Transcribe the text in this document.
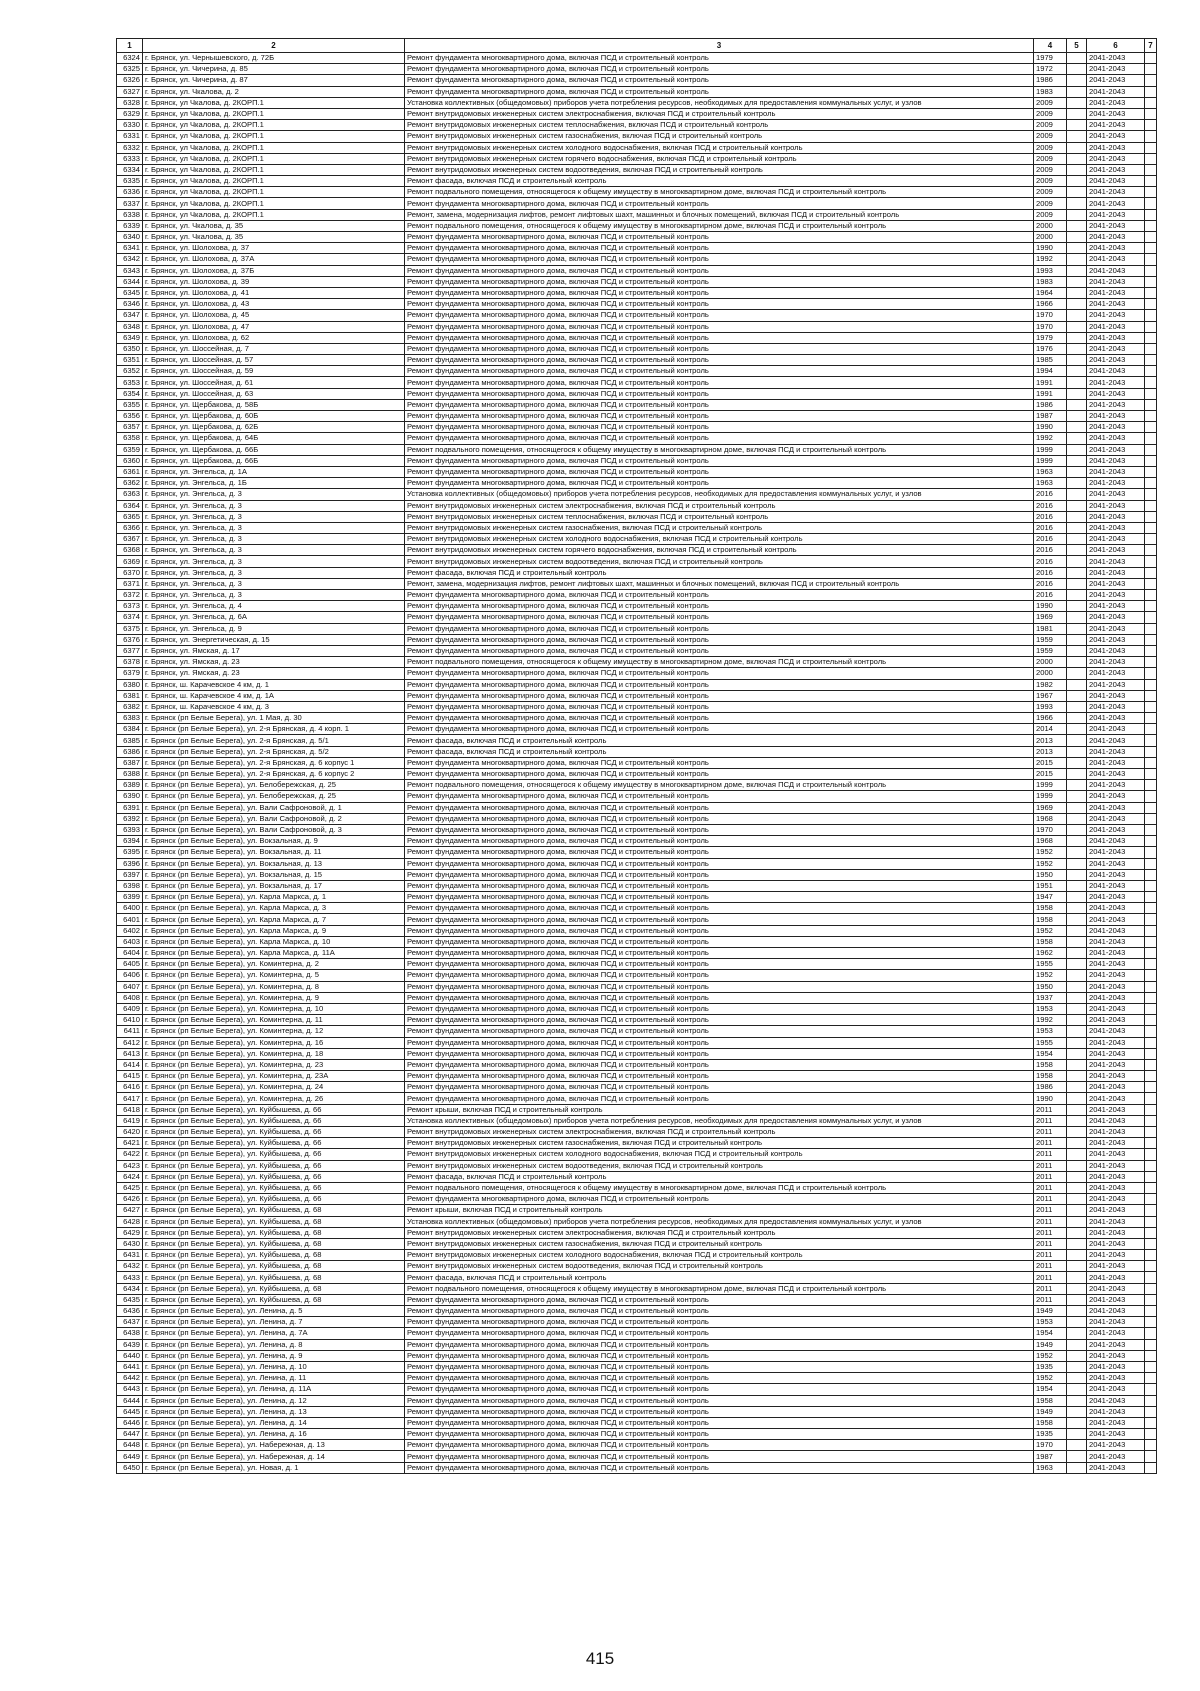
1	2	3	4	5	6	7
6324	г. Брянск, ул. Чернышевского, д. 72Б	Ремонт фундамента многоквартирного дома, включая ПСД и строительный контроль	1979		2041-2043	
6325	г. Брянск, ул. Чичерина, д. 85	Ремонт фундамента многоквартирного дома, включая ПСД и строительный контроль	1972		2041-2043	
6326	г. Брянск, ул. Чичерина, д. 87	Ремонт фундамента многоквартирного дома, включая ПСД и строительный контроль	1986		2041-2043	
6327	г. Брянск, ул. Чкалова, д. 2	Ремонт фундамента многоквартирного дома, включая ПСД и строительный контроль	1983		2041-2043	
6328	г. Брянск, ул Чкалова, д. 2КОРП.1	Установка коллективных (общедомовых) приборов учета потребления ресурсов, необходимых для предоставления коммунальных услуг, и узлов	2009		2041-2043	
6329	г. Брянск, ул Чкалова, д. 2КОРП.1	Ремонт внутридомовых инженерных систем электроснабжения, включая ПСД и строительный контроль	2009		2041-2043	
6330	г. Брянск, ул Чкалова, д. 2КОРП.1	Ремонт внутридомовых инженерных систем теплоснабжения, включая ПСД и строительный контроль	2009		2041-2043	
6331	г. Брянск, ул Чкалова, д. 2КОРП.1	Ремонт внутридомовых инженерных систем газоснабжения, включая ПСД и строительный контроль	2009		2041-2043	
6332	г. Брянск, ул Чкалова, д. 2КОРП.1	Ремонт внутридомовых инженерных систем холодного водоснабжения, включая ПСД и строительный контроль	2009		2041-2043	
6333	г. Брянск, ул Чкалова, д. 2КОРП.1	Ремонт внутридомовых инженерных систем горячего водоснабжения, включая ПСД и строительный контроль	2009		2041-2043	
6334	г. Брянск, ул Чкалова, д. 2КОРП.1	Ремонт внутридомовых инженерных систем водоотведения, включая ПСД и строительный контроль	2009		2041-2043	
6335	г. Брянск, ул Чкалова, д. 2КОРП.1	Ремонт фасада, включая ПСД и строительный контроль	2009		2041-2043	
6336	г. Брянск, ул Чкалова, д. 2КОРП.1	Ремонт подвального помещения, относящегося к общему имуществу в многоквартирном доме, включая ПСД и строительный контроль	2009		2041-2043	
6337	г. Брянск, ул Чкалова, д. 2КОРП.1	Ремонт фундамента многоквартирного дома, включая ПСД и строительный контроль	2009		2041-2043	
6338	г. Брянск, ул Чкалова, д. 2КОРП.1	Ремонт, замена, модернизация лифтов, ремонт лифтовых шахт, машинных и блочных помещений, включая ПСД и строительный контроль	2009		2041-2043	
6339	г. Брянск, ул. Чкалова, д. 35	Ремонт подвального помещения, относящегося к общему имуществу в многоквартирном доме, включая ПСД и строительный контроль	2000		2041-2043	
6340	г. Брянск, ул. Чкалова, д. 35	Ремонт фундамента многоквартирного дома, включая ПСД и строительный контроль	2000		2041-2043	
6341	г. Брянск, ул. Шолохова, д. 37	Ремонт фундамента многоквартирного дома, включая ПСД и строительный контроль	1990		2041-2043	
6342	г. Брянск, ул. Шолохова, д. 37А	Ремонт фундамента многоквартирного дома, включая ПСД и строительный контроль	1992		2041-2043	
6343	г. Брянск, ул. Шолохова, д. 37Б	Ремонт фундамента многоквартирного дома, включая ПСД и строительный контроль	1993		2041-2043	
6344	г. Брянск, ул. Шолохова, д. 39	Ремонт фундамента многоквартирного дома, включая ПСД и строительный контроль	1983		2041-2043	
6345	г. Брянск, ул. Шолохова, д. 41	Ремонт фундамента многоквартирного дома, включая ПСД и строительный контроль	1964		2041-2043	
6346	г. Брянск, ул. Шолохова, д. 43	Ремонт фундамента многоквартирного дома, включая ПСД и строительный контроль	1966		2041-2043	
6347	г. Брянск, ул. Шолохова, д. 45	Ремонт фундамента многоквартирного дома, включая ПСД и строительный контроль	1970		2041-2043	
6348	г. Брянск, ул. Шолохова, д. 47	Ремонт фундамента многоквартирного дома, включая ПСД и строительный контроль	1970		2041-2043	
6349	г. Брянск, ул. Шолохова, д. 62	Ремонт фундамента многоквартирного дома, включая ПСД и строительный контроль	1979		2041-2043	
6350	г. Брянск, ул. Шоссейная, д. 7	Ремонт фундамента многоквартирного дома, включая ПСД и строительный контроль	1976		2041-2043	
6351	г. Брянск, ул. Шоссейная, д. 57	Ремонт фундамента многоквартирного дома, включая ПСД и строительный контроль	1985		2041-2043	
6352	г. Брянск, ул. Шоссейная, д. 59	Ремонт фундамента многоквартирного дома, включая ПСД и строительный контроль	1994		2041-2043	
6353	г. Брянск, ул. Шоссейная, д. 61	Ремонт фундамента многоквартирного дома, включая ПСД и строительный контроль	1991		2041-2043	
6354	г. Брянск, ул. Шоссейная, д. 63	Ремонт фундамента многоквартирного дома, включая ПСД и строительный контроль	1991		2041-2043	
6355	г. Брянск, ул. Щербакова, д. 58Б	Ремонт фундамента многоквартирного дома, включая ПСД и строительный контроль	1986		2041-2043	
6356	г. Брянск, ул. Щербакова, д. 60Б	Ремонт фундамента многоквартирного дома, включая ПСД и строительный контроль	1987		2041-2043	
6357	г. Брянск, ул. Щербакова, д. 62Б	Ремонт фундамента многоквартирного дома, включая ПСД и строительный контроль	1990		2041-2043	
6358	г. Брянск, ул. Щербакова, д. 64Б	Ремонт фундамента многоквартирного дома, включая ПСД и строительный контроль	1992		2041-2043	
6359	г. Брянск, ул. Щербакова, д. 66Б	Ремонт подвального помещения, относящегося к общему имуществу в многоквартирном доме, включая ПСД и строительный контроль	1999		2041-2043	
6360	г. Брянск, ул. Щербакова, д. 66Б	Ремонт фундамента многоквартирного дома, включая ПСД и строительный контроль	1999		2041-2043	
6361	г. Брянск, ул. Энгельса, д. 1А	Ремонт фундамента многоквартирного дома, включая ПСД и строительный контроль	1963		2041-2043	
6362	г. Брянск, ул. Энгельса, д. 1Б	Ремонт фундамента многоквартирного дома, включая ПСД и строительный контроль	1963		2041-2043	
6363	г. Брянск, ул. Энгельса, д. 3	Установка коллективных (общедомовых) приборов учета потребления ресурсов, необходимых для предоставления коммунальных услуг, и узлов	2016		2041-2043	
6364	г. Брянск, ул. Энгельса, д. 3	Ремонт внутридомовых инженерных систем электроснабжения, включая ПСД и строительный контроль	2016		2041-2043	
6365	г. Брянск, ул. Энгельса, д. 3	Ремонт внутридомовых инженерных систем теплоснабжения, включая ПСД и строительный контроль	2016		2041-2043	
6366	г. Брянск, ул. Энгельса, д. 3	Ремонт внутридомовых инженерных систем газоснабжения, включая ПСД и строительный контроль	2016		2041-2043	
6367	г. Брянск, ул. Энгельса, д. 3	Ремонт внутридомовых инженерных систем холодного водоснабжения, включая ПСД и строительный контроль	2016		2041-2043	
6368	г. Брянск, ул. Энгельса, д. 3	Ремонт внутридомовых инженерных систем горячего водоснабжения, включая ПСД и строительный контроль	2016		2041-2043	
6369	г. Брянск, ул. Энгельса, д. 3	Ремонт внутридомовых инженерных систем водоотведения, включая ПСД и строительный контроль	2016		2041-2043	
6370	г. Брянск, ул. Энгельса, д. 3	Ремонт фасада, включая ПСД и строительный контроль	2016		2041-2043	
6371	г. Брянск, ул. Энгельса, д. 3	Ремонт, замена, модернизация лифтов, ремонт лифтовых шахт, машинных и блочных помещений, включая ПСД и строительный контроль	2016		2041-2043	
6372	г. Брянск, ул. Энгельса, д. 3	Ремонт фундамента многоквартирного дома, включая ПСД и строительный контроль	2016		2041-2043	
6373	г. Брянск, ул. Энгельса, д. 4	Ремонт фундамента многоквартирного дома, включая ПСД и строительный контроль	1990		2041-2043	
6374	г. Брянск, ул. Энгельса, д. 6А	Ремонт фундамента многоквартирного дома, включая ПСД и строительный контроль	1969		2041-2043	
6375	г. Брянск, ул. Энгельса, д. 9	Ремонт фундамента многоквартирного дома, включая ПСД и строительный контроль	1981		2041-2043	
6376	г. Брянск, ул. Энергетическая, д. 15	Ремонт фундамента многоквартирного дома, включая ПСД и строительный контроль	1959		2041-2043	
6377	г. Брянск, ул. Ямская, д. 17	Ремонт фундамента многоквартирного дома, включая ПСД и строительный контроль	1959		2041-2043	
6378	г. Брянск, ул. Ямская, д. 23	Ремонт подвального помещения, относящегося к общему имуществу в многоквартирном доме, включая ПСД и строительный контроль	2000		2041-2043	
6379	г. Брянск, ул. Ямская, д. 23	Ремонт фундамента многоквартирного дома, включая ПСД и строительный контроль	2000		2041-2043	
6380	г. Брянск, ш. Карачевское 4 км, д. 1	Ремонт фундамента многоквартирного дома, включая ПСД и строительный контроль	1982		2041-2043	
6381	г. Брянск, ш. Карачевское 4 км, д. 1А	Ремонт фундамента многоквартирного дома, включая ПСД и строительный контроль	1967		2041-2043	
6382	г. Брянск, ш. Карачевское 4 км, д. 3	Ремонт фундамента многоквартирного дома, включая ПСД и строительный контроль	1993		2041-2043	
6383	г. Брянск (рп Белые Берега), ул. 1 Мая, д. 30	Ремонт фундамента многоквартирного дома, включая ПСД и строительный контроль	1966		2041-2043	
6384	г. Брянск (рп Белые Берега), ул. 2-я Брянская, д. 4 корп. 1	Ремонт фундамента многоквартирного дома, включая ПСД и строительный контроль	2014		2041-2043	
6385	г. Брянск (рп Белые Берега), ул. 2-я Брянская, д. 5/1	Ремонт фасада, включая ПСД и строительный контроль	2013		2041-2043	
6386	г. Брянск (рп Белые Берега), ул. 2-я Брянская, д. 5/2	Ремонт фасада, включая ПСД и строительный контроль	2013		2041-2043	
6387	г. Брянск (рп Белые Берега), ул. 2-я Брянская, д. 6 корпус 1	Ремонт фундамента многоквартирного дома, включая ПСД и строительный контроль	2015		2041-2043	
6388	г. Брянск (рп Белые Берега), ул. 2-я Брянская, д. 6 корпус 2	Ремонт фундамента многоквартирного дома, включая ПСД и строительный контроль	2015		2041-2043	
6389	г. Брянск (рп Белые Берега), ул. Белобережская, д. 25	Ремонт подвального помещения, относящегося к общему имуществу в многоквартирном доме, включая ПСД и строительный контроль	1999		2041-2043	
6390	г. Брянск (рп Белые Берега), ул. Белобережская, д. 25	Ремонт фундамента многоквартирного дома, включая ПСД и строительный контроль	1999		2041-2043	
6391	г. Брянск (рп Белые Берега), ул. Вали Сафроновой, д. 1	Ремонт фундамента многоквартирного дома, включая ПСД и строительный контроль	1969		2041-2043	
6392	г. Брянск (рп Белые Берега), ул. Вали Сафроновой, д. 2	Ремонт фундамента многоквартирного дома, включая ПСД и строительный контроль	1968		2041-2043	
6393	г. Брянск (рп Белые Берега), ул. Вали Сафроновой, д. 3	Ремонт фундамента многоквартирного дома, включая ПСД и строительный контроль	1970		2041-2043	
6394	г. Брянск (рп Белые Берега), ул. Вокзальная, д. 9	Ремонт фундамента многоквартирного дома, включая ПСД и строительный контроль	1968		2041-2043	
6395	г. Брянск (рп Белые Берега), ул. Вокзальная, д. 11	Ремонт фундамента многоквартирного дома, включая ПСД и строительный контроль	1952		2041-2043	
6396	г. Брянск (рп Белые Берега), ул. Вокзальная, д. 13	Ремонт фундамента многоквартирного дома, включая ПСД и строительный контроль	1952		2041-2043	
6397	г. Брянск (рп Белые Берега), ул. Вокзальная, д. 15	Ремонт фундамента многоквартирного дома, включая ПСД и строительный контроль	1950		2041-2043	
6398	г. Брянск (рп Белые Берега), ул. Вокзальная, д. 17	Ремонт фундамента многоквартирного дома, включая ПСД и строительный контроль	1951		2041-2043	
6399	г. Брянск (рп Белые Берега), ул. Карла Маркса, д. 1	Ремонт фундамента многоквартирного дома, включая ПСД и строительный контроль	1947		2041-2043	
6400	г. Брянск (рп Белые Берега), ул. Карла Маркса, д. 3	Ремонт фундамента многоквартирного дома, включая ПСД и строительный контроль	1958		2041-2043	
6401	г. Брянск (рп Белые Берега), ул. Карла Маркса, д. 7	Ремонт фундамента многоквартирного дома, включая ПСД и строительный контроль	1958		2041-2043	
6402	г. Брянск (рп Белые Берега), ул. Карла Маркса, д. 9	Ремонт фундамента многоквартирного дома, включая ПСД и строительный контроль	1952		2041-2043	
6403	г. Брянск (рп Белые Берега), ул. Карла Маркса, д. 10	Ремонт фундамента многоквартирного дома, включая ПСД и строительный контроль	1958		2041-2043	
6404	г. Брянск (рп Белые Берега), ул. Карла Маркса, д. 11А	Ремонт фундамента многоквартирного дома, включая ПСД и строительный контроль	1962		2041-2043	
6405	г. Брянск (рп Белые Берега), ул. Коминтерна, д. 2	Ремонт фундамента многоквартирного дома, включая ПСД и строительный контроль	1955		2041-2043	
6406	г. Брянск (рп Белые Берега), ул. Коминтерна, д. 5	Ремонт фундамента многоквартирного дома, включая ПСД и строительный контроль	1952		2041-2043	
6407	г. Брянск (рп Белые Берега), ул. Коминтерна, д. 8	Ремонт фундамента многоквартирного дома, включая ПСД и строительный контроль	1950		2041-2043	
6408	г. Брянск (рп Белые Берега), ул. Коминтерна, д. 9	Ремонт фундамента многоквартирного дома, включая ПСД и строительный контроль	1937		2041-2043	
6409	г. Брянск (рп Белые Берега), ул. Коминтерна, д. 10	Ремонт фундамента многоквартирного дома, включая ПСД и строительный контроль	1953		2041-2043	
6410	г. Брянск (рп Белые Берега), ул. Коминтерна, д. 11	Ремонт фундамента многоквартирного дома, включая ПСД и строительный контроль	1992		2041-2043	
6411	г. Брянск (рп Белые Берега), ул. Коминтерна, д. 12	Ремонт фундамента многоквартирного дома, включая ПСД и строительный контроль	1953		2041-2043	
6412	г. Брянск (рп Белые Берега), ул. Коминтерна, д. 16	Ремонт фундамента многоквартирного дома, включая ПСД и строительный контроль	1955		2041-2043	
6413	г. Брянск (рп Белые Берега), ул. Коминтерна, д. 18	Ремонт фундамента многоквартирного дома, включая ПСД и строительный контроль	1954		2041-2043	
6414	г. Брянск (рп Белые Берега), ул. Коминтерна, д. 23	Ремонт фундамента многоквартирного дома, включая ПСД и строительный контроль	1958		2041-2043	
6415	г. Брянск (рп Белые Берега), ул. Коминтерна, д. 23А	Ремонт фундамента многоквартирного дома, включая ПСД и строительный контроль	1958		2041-2043	
6416	г. Брянск (рп Белые Берега), ул. Коминтерна, д. 24	Ремонт фундамента многоквартирного дома, включая ПСД и строительный контроль	1986		2041-2043	
6417	г. Брянск (рп Белые Берега), ул. Коминтерна, д. 26	Ремонт фундамента многоквартирного дома, включая ПСД и строительный контроль	1990		2041-2043	
6418	г. Брянск (рп Белые Берега), ул. Куйбышева, д. 66	Ремонт крыши, включая ПСД и строительный контроль	2011		2041-2043	
6419	г. Брянск (рп Белые Берега), ул. Куйбышева, д. 66	Установка коллективных (общедомовых) приборов учета потребления ресурсов, необходимых для предоставления коммунальных услуг, и узлов	2011		2041-2043	
6420	г. Брянск (рп Белые Берега), ул. Куйбышева, д. 66	Ремонт внутридомовых инженерных систем электроснабжения, включая ПСД и строительный контроль	2011		2041-2043	
6421	г. Брянск (рп Белые Берега), ул. Куйбышева, д. 66	Ремонт внутридомовых инженерных систем газоснабжения, включая ПСД и строительный контроль	2011		2041-2043	
6422	г. Брянск (рп Белые Берега), ул. Куйбышева, д. 66	Ремонт внутридомовых инженерных систем холодного водоснабжения, включая ПСД и строительный контроль	2011		2041-2043	
6423	г. Брянск (рп Белые Берега), ул. Куйбышева, д. 66	Ремонт внутридомовых инженерных систем водоотведения, включая ПСД и строительный контроль	2011		2041-2043	
6424	г. Брянск (рп Белые Берега), ул. Куйбышева, д. 66	Ремонт фасада, включая ПСД и строительный контроль	2011		2041-2043	
6425	г. Брянск (рп Белые Берега), ул. Куйбышева, д. 66	Ремонт подвального помещения, относящегося к общему имуществу в многоквартирном доме, включая ПСД и строительный контроль	2011		2041-2043	
6426	г. Брянск (рп Белые Берега), ул. Куйбышева, д. 66	Ремонт фундамента многоквартирного дома, включая ПСД и строительный контроль	2011		2041-2043	
6427	г. Брянск (рп Белые Берега), ул. Куйбышева, д. 68	Ремонт крыши, включая ПСД и строительный контроль	2011		2041-2043	
6428	г. Брянск (рп Белые Берега), ул. Куйбышева, д. 68	Установка коллективных (общедомовых) приборов учета потребления ресурсов, необходимых для предоставления коммунальных услуг, и узлов	2011		2041-2043	
6429	г. Брянск (рп Белые Берега), ул. Куйбышева, д. 68	Ремонт внутридомовых инженерных систем электроснабжения, включая ПСД и строительный контроль	2011		2041-2043	
6430	г. Брянск (рп Белые Берега), ул. Куйбышева, д. 68	Ремонт внутридомовых инженерных систем газоснабжения, включая ПСД и строительный контроль	2011		2041-2043	
6431	г. Брянск (рп Белые Берега), ул. Куйбышева, д. 68	Ремонт внутридомовых инженерных систем холодного водоснабжения, включая ПСД и строительный контроль	2011		2041-2043	
6432	г. Брянск (рп Белые Берега), ул. Куйбышева, д. 68	Ремонт внутридомовых инженерных систем водоотведения, включая ПСД и строительный контроль	2011		2041-2043	
6433	г. Брянск (рп Белые Берега), ул. Куйбышева, д. 68	Ремонт фасада, включая ПСД и строительный контроль	2011		2041-2043	
6434	г. Брянск (рп Белые Берега), ул. Куйбышева, д. 68	Ремонт подвального помещения, относящегося к общему имуществу в многоквартирном доме, включая ПСД и строительный контроль	2011		2041-2043	
6435	г. Брянск (рп Белые Берега), ул. Куйбышева, д. 68	Ремонт фундамента многоквартирного дома, включая ПСД и строительный контроль	2011		2041-2043	
6436	г. Брянск (рп Белые Берега), ул. Ленина, д. 5	Ремонт фундамента многоквартирного дома, включая ПСД и строительный контроль	1949		2041-2043	
6437	г. Брянск (рп Белые Берега), ул. Ленина, д. 7	Ремонт фундамента многоквартирного дома, включая ПСД и строительный контроль	1953		2041-2043	
6438	г. Брянск (рп Белые Берега), ул. Ленина, д. 7А	Ремонт фундамента многоквартирного дома, включая ПСД и строительный контроль	1954		2041-2043	
6439	г. Брянск (рп Белые Берега), ул. Ленина, д. 8	Ремонт фундамента многоквартирного дома, включая ПСД и строительный контроль	1949		2041-2043	
6440	г. Брянск (рп Белые Берега), ул. Ленина, д. 9	Ремонт фундамента многоквартирного дома, включая ПСД и строительный контроль	1952		2041-2043	
6441	г. Брянск (рп Белые Берега), ул. Ленина, д. 10	Ремонт фундамента многоквартирного дома, включая ПСД и строительный контроль	1935		2041-2043	
6442	г. Брянск (рп Белые Берега), ул. Ленина, д. 11	Ремонт фундамента многоквартирного дома, включая ПСД и строительный контроль	1952		2041-2043	
6443	г. Брянск (рп Белые Берега), ул. Ленина, д. 11А	Ремонт фундамента многоквартирного дома, включая ПСД и строительный контроль	1954		2041-2043	
6444	г. Брянск (рп Белые Берега), ул. Ленина, д. 12	Ремонт фундамента многоквартирного дома, включая ПСД и строительный контроль	1958		2041-2043	
6445	г. Брянск (рп Белые Берега), ул. Ленина, д. 13	Ремонт фундамента многоквартирного дома, включая ПСД и строительный контроль	1949		2041-2043	
6446	г. Брянск (рп Белые Берега), ул. Ленина, д. 14	Ремонт фундамента многоквартирного дома, включая ПСД и строительный контроль	1958		2041-2043	
6447	г. Брянск (рп Белые Берега), ул. Ленина, д. 16	Ремонт фундамента многоквартирного дома, включая ПСД и строительный контроль	1935		2041-2043	
6448	г. Брянск (рп Белые Берега), ул. Набережная, д. 13	Ремонт фундамента многоквартирного дома, включая ПСД и строительный контроль	1970		2041-2043	
6449	г. Брянск (рп Белые Берега), ул. Набережная, д. 14	Ремонт фундамента многоквартирного дома, включая ПСД и строительный контроль	1987		2041-2043	
6450	г. Брянск (рп Белые Берега), ул. Новая, д. 1	Ремонт фундамента многоквартирного дома, включая ПСД и строительный контроль	1963		2041-2043	
415
